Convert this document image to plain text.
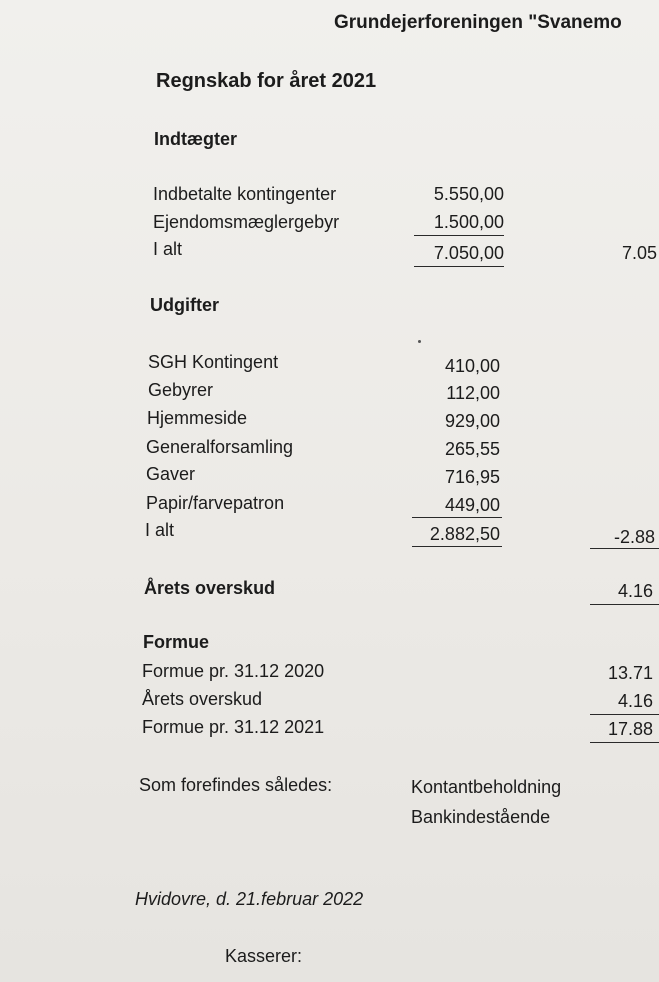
Grundejerforeningen "Svanemo
Regnskab for året 2021
Indtægter
Indbetalte kontingenter	5.550,00
Ejendomsmæglergebyr	1.500,00
I alt	7.050,00	7.05
Udgifter
SGH Kontingent	410,00
Gebyrer	112,00
Hjemmeside	929,00
Generalforsamling	265,55
Gaver	716,95
Papir/farvepatron	449,00
I alt	2.882,50	-2.88
Årets overskud	4.16
Formue
Formue pr. 31.12 2020	13.71
Årets overskud	4.16
Formue pr. 31.12 2021	17.88
Som forefindes således:	Kontantbeholdning
Bankindestående
Hvidovre, d. 21.februar 2022
Kasserer:
